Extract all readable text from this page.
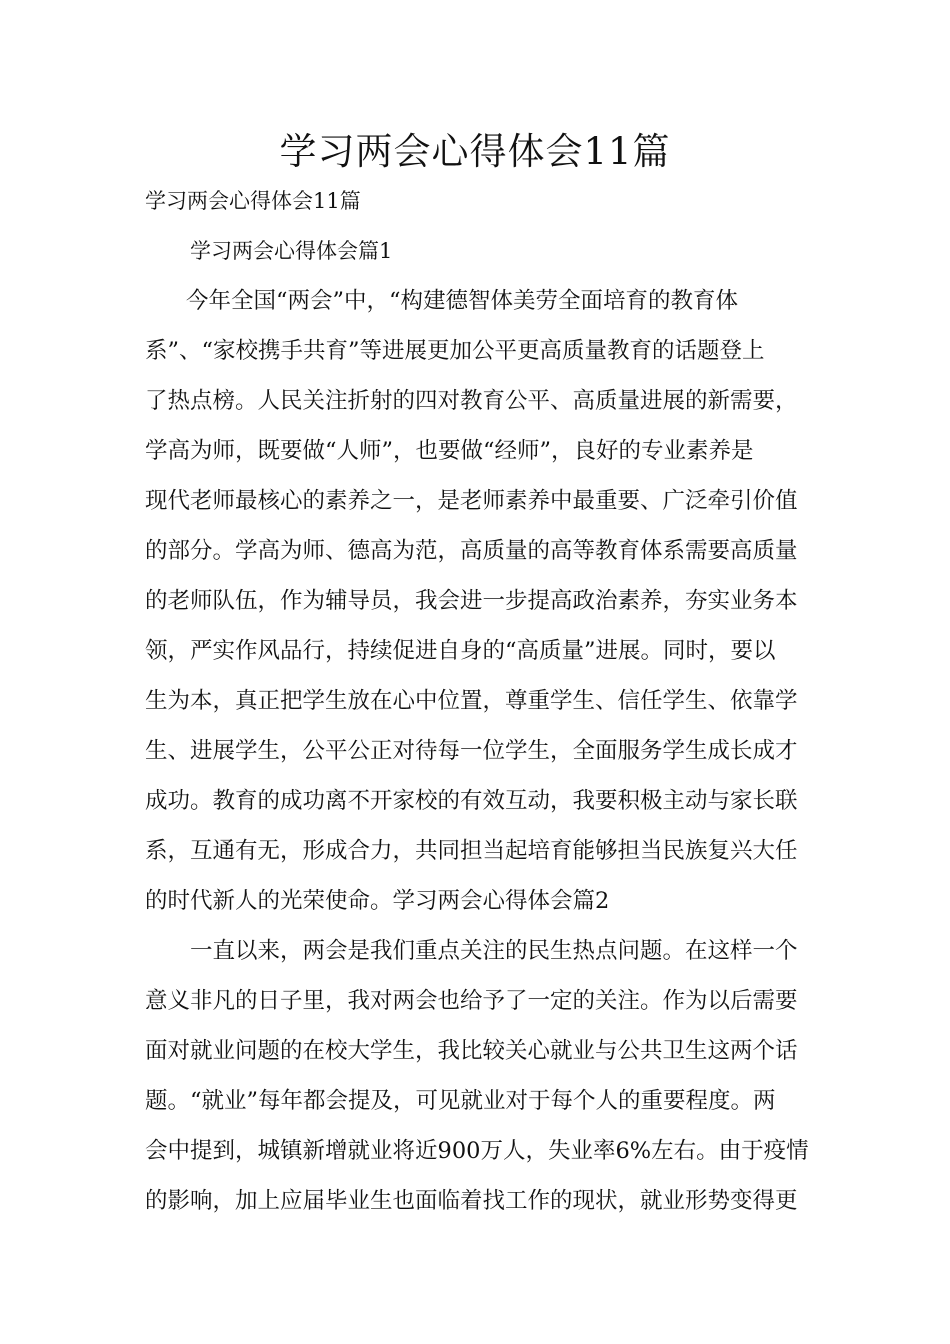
学习两会心得体会11篇

学习两会心得体会11篇

学习两会心得体会篇1

今年全国“两会”中，“构建德智体美劳全面培育的教育体

系”、“家校携手共育”等进展更加公平更高质量教育的话题登上

了热点榜。人民关注折射的四对教育公平、高质量进展的新需要，

学高为师，既要做“人师”，也要做“经师”，良好的专业素养是

现代老师最核心的素养之一，是老师素养中最重要、广泛牵引价值

的部分。学高为师、德高为范，高质量的高等教育体系需要高质量

的老师队伍，作为辅导员，我会进一步提高政治素养，夯实业务本

领，严实作风品行，持续促进自身的“高质量”进展。同时，要以

生为本，真正把学生放在心中位置，尊重学生、信任学生、依靠学

生、进展学生，公平公正对待每一位学生，全面服务学生成长成才

成功。教育的成功离不开家校的有效互动，我要积极主动与家长联

系，互通有无，形成合力，共同担当起培育能够担当民族复兴大任

的时代新人的光荣使命。学习两会心得体会篇2

一直以来，两会是我们重点关注的民生热点问题。在这样一个

意义非凡的日子里，我对两会也给予了一定的关注。作为以后需要

面对就业问题的在校大学生，我比较关心就业与公共卫生这两个话

题。“就业”每年都会提及，可见就业对于每个人的重要程度。两

会中提到，城镇新增就业将近900万人，失业率6%左右。由于疫情

的影响，加上应届毕业生也面临着找工作的现状，就业形势变得更
